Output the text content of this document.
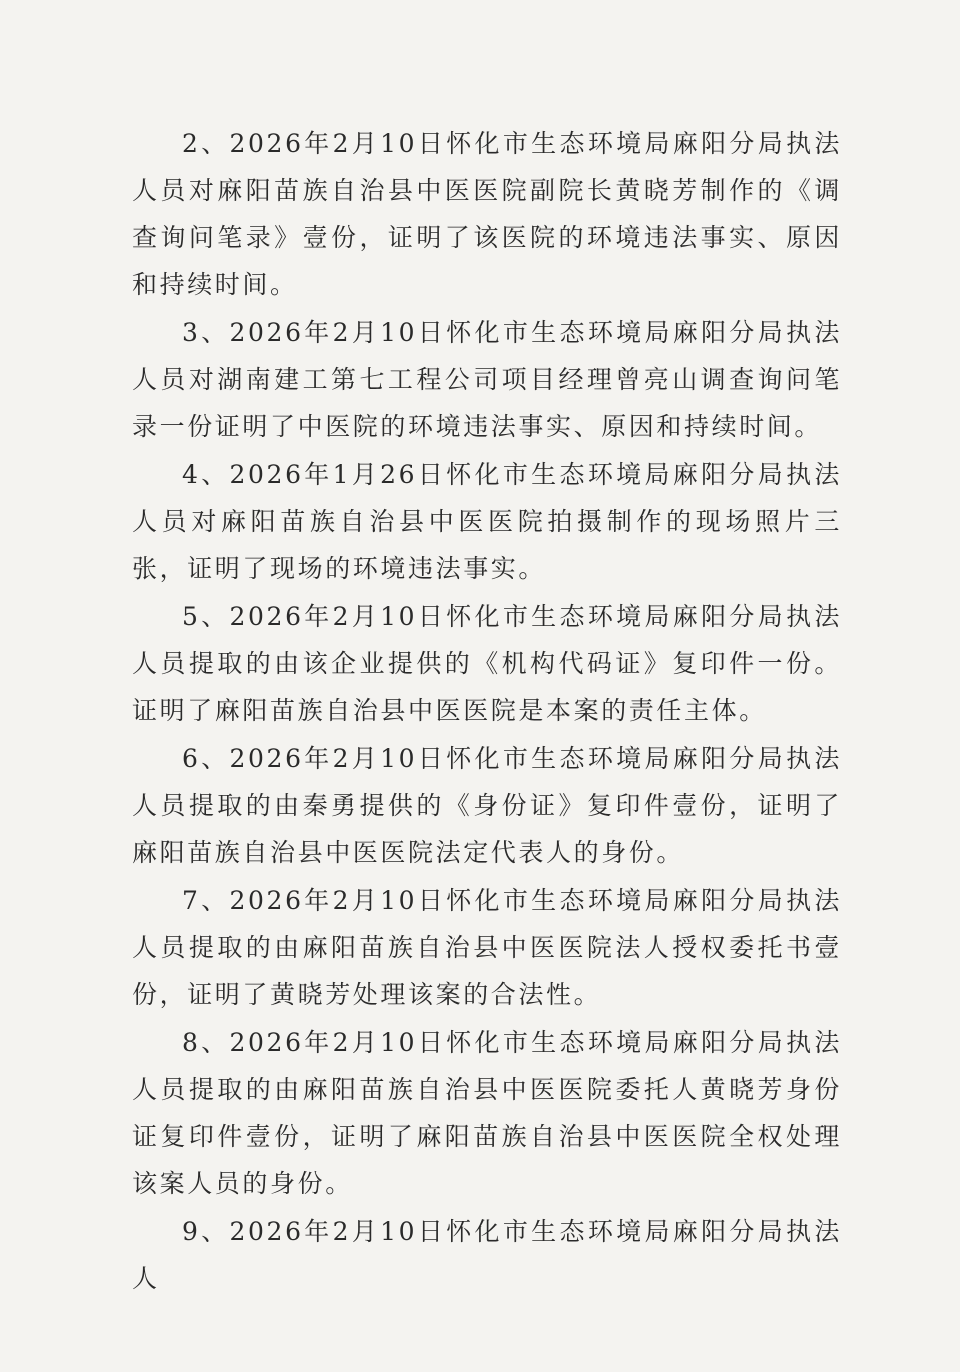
2、2026年2月10日怀化市生态环境局麻阳分局执法人员对麻阳苗族自治县中医医院副院长黄晓芳制作的《调查询问笔录》壹份，证明了该医院的环境违法事实、原因和持续时间。

3、2026年2月10日怀化市生态环境局麻阳分局执法人员对湖南建工第七工程公司项目经理曾亮山调查询问笔录一份证明了中医院的环境违法事实、原因和持续时间。

4、2026年1月26日怀化市生态环境局麻阳分局执法人员对麻阳苗族自治县中医医院拍摄制作的现场照片三张，证明了现场的环境违法事实。

5、2026年2月10日怀化市生态环境局麻阳分局执法人员提取的由该企业提供的《机构代码证》复印件一份。证明了麻阳苗族自治县中医医院是本案的责任主体。

6、2026年2月10日怀化市生态环境局麻阳分局执法人员提取的由秦勇提供的《身份证》复印件壹份，证明了麻阳苗族自治县中医医院法定代表人的身份。

7、2026年2月10日怀化市生态环境局麻阳分局执法人员提取的由麻阳苗族自治县中医医院法人授权委托书壹份，证明了黄晓芳处理该案的合法性。

8、2026年2月10日怀化市生态环境局麻阳分局执法人员提取的由麻阳苗族自治县中医医院委托人黄晓芳身份证复印件壹份，证明了麻阳苗族自治县中医医院全权处理该案人员的身份。

9、2026年2月10日怀化市生态环境局麻阳分局执法人
